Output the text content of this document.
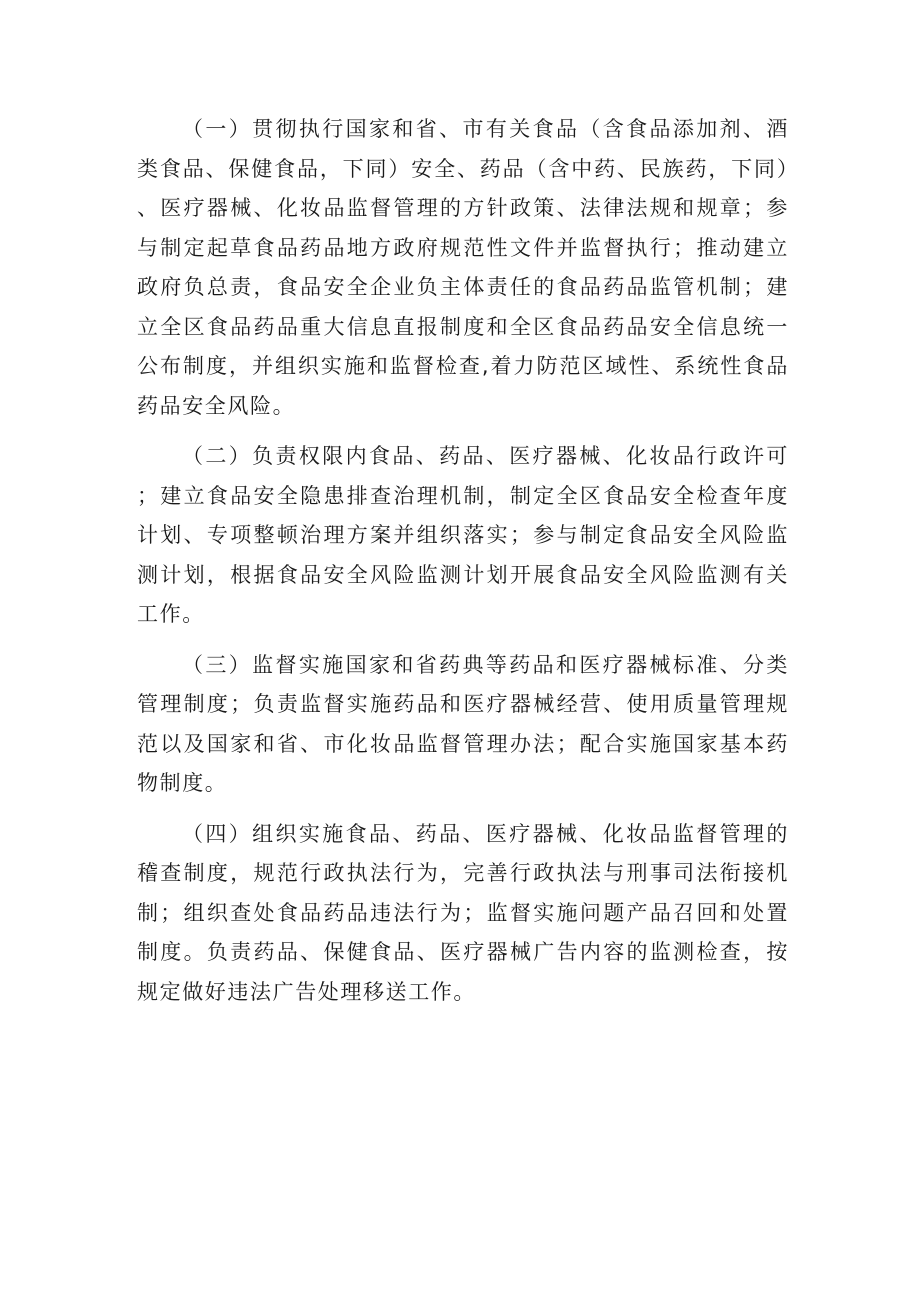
（一）贯彻执行国家和省、市有关食品（含食品添加剂、酒类食品、保健食品，下同）安全、药品（含中药、民族药，下同）、医疗器械、化妆品监督管理的方针政策、法律法规和规章；参与制定起草食品药品地方政府规范性文件并监督执行；推动建立政府负总责，食品安全企业负主体责任的食品药品监管机制；建立全区食品药品重大信息直报制度和全区食品药品安全信息统一公布制度，并组织实施和监督检查,着力防范区域性、系统性食品药品安全风险。

（二）负责权限内食品、药品、医疗器械、化妆品行政许可；建立食品安全隐患排查治理机制，制定全区食品安全检查年度计划、专项整顿治理方案并组织落实；参与制定食品安全风险监测计划，根据食品安全风险监测计划开展食品安全风险监测有关工作。

（三）监督实施国家和省药典等药品和医疗器械标准、分类管理制度；负责监督实施药品和医疗器械经营、使用质量管理规范以及国家和省、市化妆品监督管理办法；配合实施国家基本药物制度。

（四）组织实施食品、药品、医疗器械、化妆品监督管理的稽查制度，规范行政执法行为，完善行政执法与刑事司法衔接机制；组织查处食品药品违法行为；监督实施问题产品召回和处置制度。负责药品、保健食品、医疗器械广告内容的监测检查，按规定做好违法广告处理移送工作。
